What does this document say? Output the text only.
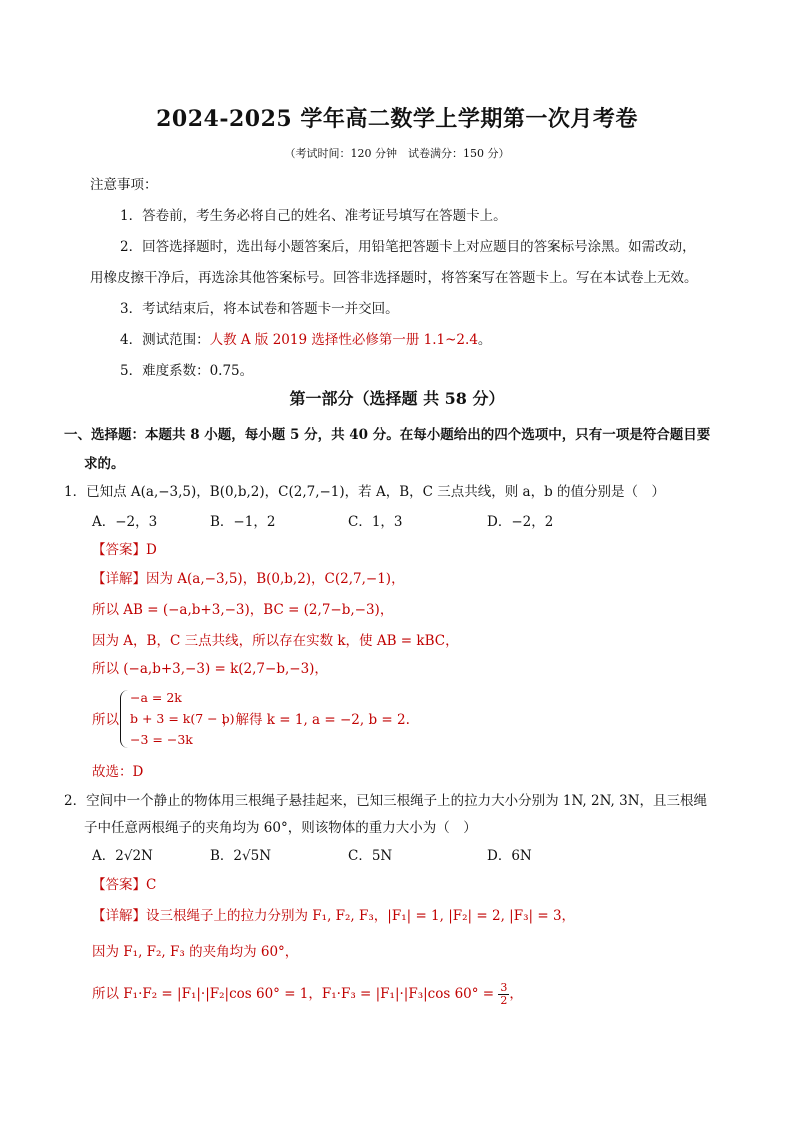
2024-2025 学年高二数学上学期第一次月考卷
（考试时间：120 分钟　试卷满分：150 分）
注意事项：
1．答卷前，考生务必将自己的姓名、准考证号填写在答题卡上。
2．回答选择题时，选出每小题答案后，用铅笔把答题卡上对应题目的答案标号涂黑。如需改动，
用橡皮擦干净后，再选涂其他答案标号。回答非选择题时，将答案写在答题卡上。写在本试卷上无效。
3．考试结束后，将本试卷和答题卡一并交回。
4．测试范围：人教 A 版 2019 选择性必修第一册 1.1~2.4。
5．难度系数：0.75。
第一部分（选择题 共 58 分）
一、选择题：本题共 8 小题，每小题 5 分，共 40 分。在每小题给出的四个选项中，只有一项是符合题目要
求的。
1．已知点 A(a,−3,5)，B(0,b,2)，C(2,7,−1)，若 A，B，C 三点共线，则 a，b 的值分别是（　）
A．−2，3	B．−1，2	C．1，3	D．−2，2
【答案】D
【详解】因为 A(a,−3,5)，B(0,b,2)，C(2,7,−1)，
所以 AB = (−a,b+3,−3)，BC = (2,7−b,−3)，
因为 A，B，C 三点共线，所以存在实数 k，使 AB = kBC，
所以 (−a,b+3,−3) = k(2,7−b,−3)，
所以
−a = 2k
b + 3 = k(7 − b)
−3 = −3k
，解得 k = 1, a = −2, b = 2.
故选：D
2．空间中一个静止的物体用三根绳子悬挂起来，已知三根绳子上的拉力大小分别为 1N, 2N, 3N，且三根绳
子中任意两根绳子的夹角均为 60°，则该物体的重力大小为（　）
A．2√2N	B．2√5N	C．5N	D．6N
【答案】C
【详解】设三根绳子上的拉力分别为 F₁, F₂, F₃，|F₁| = 1, |F₂| = 2, |F₃| = 3，
因为 F₁, F₂, F₃ 的夹角均为 60°，
所以 F₁·F₂ = |F₁|·|F₂|cos 60° = 1，F₁·F₃ = |F₁|·|F₃|cos $60^\circ = \frac{3}{2}$ ，
